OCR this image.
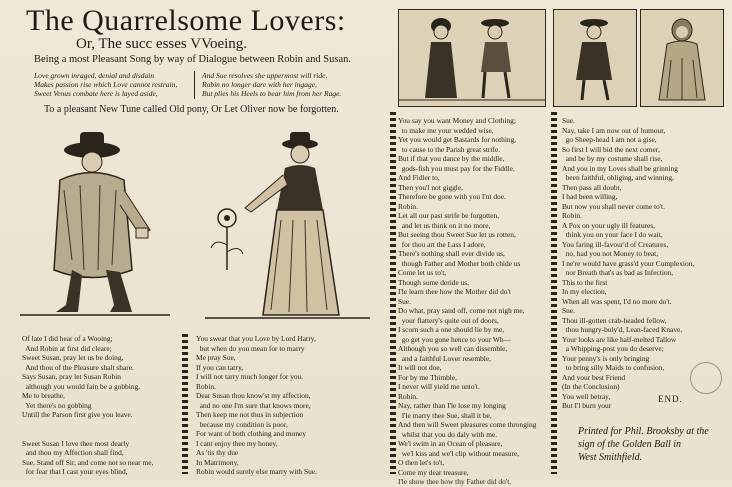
The Quarrelsome Lovers:
Or, The succ esses VVoeing.
Being a most Pleasant Song by way of Dialogue between Robin and Susan.
Love grown inraged, denial and disdain
Makes passion rise which Love cannot restrain,
Sweet Venus combate here is layed aside,
And Sue resolves she uppermost will ride,
Robin no longer dare with her ingage,
But plies his Heels to bear him from her Rage.
To a pleasant New Tune called Old pony, Or Let Oliver now be forgotten.
Of late I did hear of a Wooing;
And Robin at first did cleare;
Sweet Susan, pray let us be doing,
And thou of the Pleasure shalt share.
Says Susan, pray let Susan Robin
although you would fain be a gobbing,
Me to breathe,
Yet there's no gobbing
Untill the Parson first give you leave.

Sweet Susan I love thee most dearly
and thou my Affection shall find,
Sue, Stand off Sir, and come not so near me,
for fear that I cast your eyes blind,
You swear that you Love by Lord Harry,
but when do you mean for to marry
Me pray Sue,
If you can tarry,
I will not tarry much longer for you.
Robin.
Dear Susan thou know'st my affection,
and no one I'm sure that knows more,
Then keep me not thus in subjection
because my condition is poor,
For want of both clothing and money
I cant enjoy thee my honey,
As 'tis thy due
In Matrimony,
Robin would surely else marry with Sue.
You say you want Money and Clothing;
to make me your wedded wise,
Yet you would get Bastards for nothing,
to cause to the Parish great strife.
But if that you dance by the middle,
gods-fish you must pay for the Fiddle,
And Fidler to,
Then you'l not giggle,
Therefore be gone with you I'nt doe.
Robin.
Let all our past strife be forgotten,
and let us think on it no more,
But seeing thou Sweet Sue let us rotten,
for thou art the Lass I adore,
There's nothing shall ever divide us,
though Father and Mother both chide us
Come let us to't,
Though some deride us,
I'le learn thee how the Mother did do't
Sue.
Do what, pray sand off, come not nigh me,
your flattery's quite out of doors,
I scorn such a one should lie by me,
go get you gone hence to your Wh—
Although you so well can dissemble,
and a faithful Lover resemble,
It will not doe,
For by me Thimble,
I never will yield me unto't.
Robin.
Nay, rather than I'le lose my longing
I'le marry thee Sue, shall it be,
And then will Sweet pleasures come thronging
whilst that you do daly with me.
We'l swim in an Ocean of pleasure,
we'l kiss and we'l clip without measure,
O then let's to't,
Come my dear treasure,
I'le show thee how thy Father did do't.
Sue.
Nay, take I am now out of humour,
go Sheep-head I am not a gise,
So first I will bid the next comer,
and be by my costume shall rise,
And you in my Loves shall be grinning
been faithful, obliging, and winning,
Then pass all doubt,
I had been willing,
But now you shall never come to't.
Robin.
A Pox on your ugly ill features,
think you on your face I do wait,
You faring ill-favour'd of Creatures,
no, had you not Money to beat,
I ne're would have grass'd your Complexion,
nor Breath that's as bad as Infection,
This to the first
In my election,
When all was spent, I'd no more do't.
Sue.
Thou ill-gotten crab-headed fellow,
thou hungry-buly'd, Lean-faced Knave,
Your looks are like half-melted Tallow
a Whipping-post you do deserve;
Your penny's is only bringing
to bring silly Maids to confusion,
And your best Friend
(In the Conclusion)
You well betray,
But I'l burn your
END.
Printed for Phil. Brooksby at the
sign of the Golden Ball in
West Smithfield.
